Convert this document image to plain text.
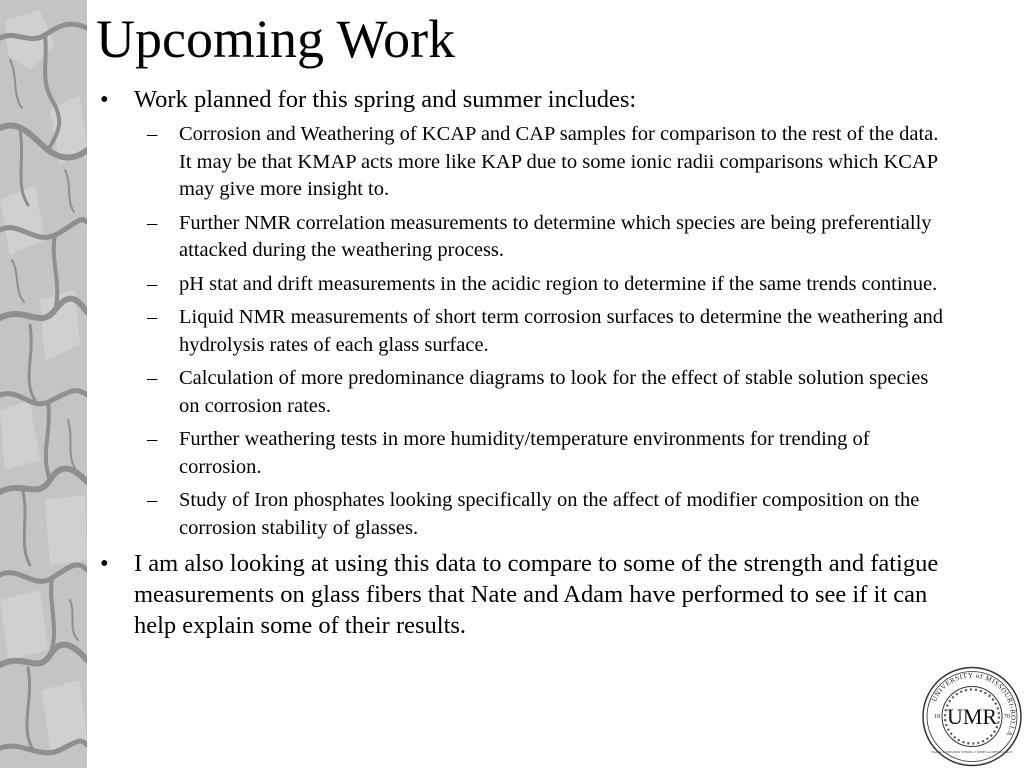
Upcoming Work
• Work planned for this spring and summer includes:
– Corrosion and Weathering of KCAP and CAP samples for comparison to the rest of the data. It may be that KMAP acts more like KAP due to some ionic radii comparisons which KCAP may give more insight to.
– Further NMR correlation measurements to determine which species are being preferentially attacked during the weathering process.
– pH stat and drift measurements in the acidic region to determine if the same trends continue.
– Liquid NMR measurements of short term corrosion surfaces to determine the weathering and hydrolysis rates of each glass surface.
– Calculation of more predominance diagrams to look for the effect of stable solution species on corrosion rates.
– Further weathering tests in more humidity/temperature environments for trending of corrosion.
– Study of Iron phosphates looking specifically on the affect of modifier composition on the corrosion stability of glasses.
• I am also looking at using this data to compare to some of the strength and fatigue measurements on glass fibers that Nate and Adam have performed to see if it can help explain some of their results.
UNIVERSITY of MISSOURI-ROLLA
UMR
18	70
Founded as MISSOURI SCHOOL of MINES and METALLURGY
